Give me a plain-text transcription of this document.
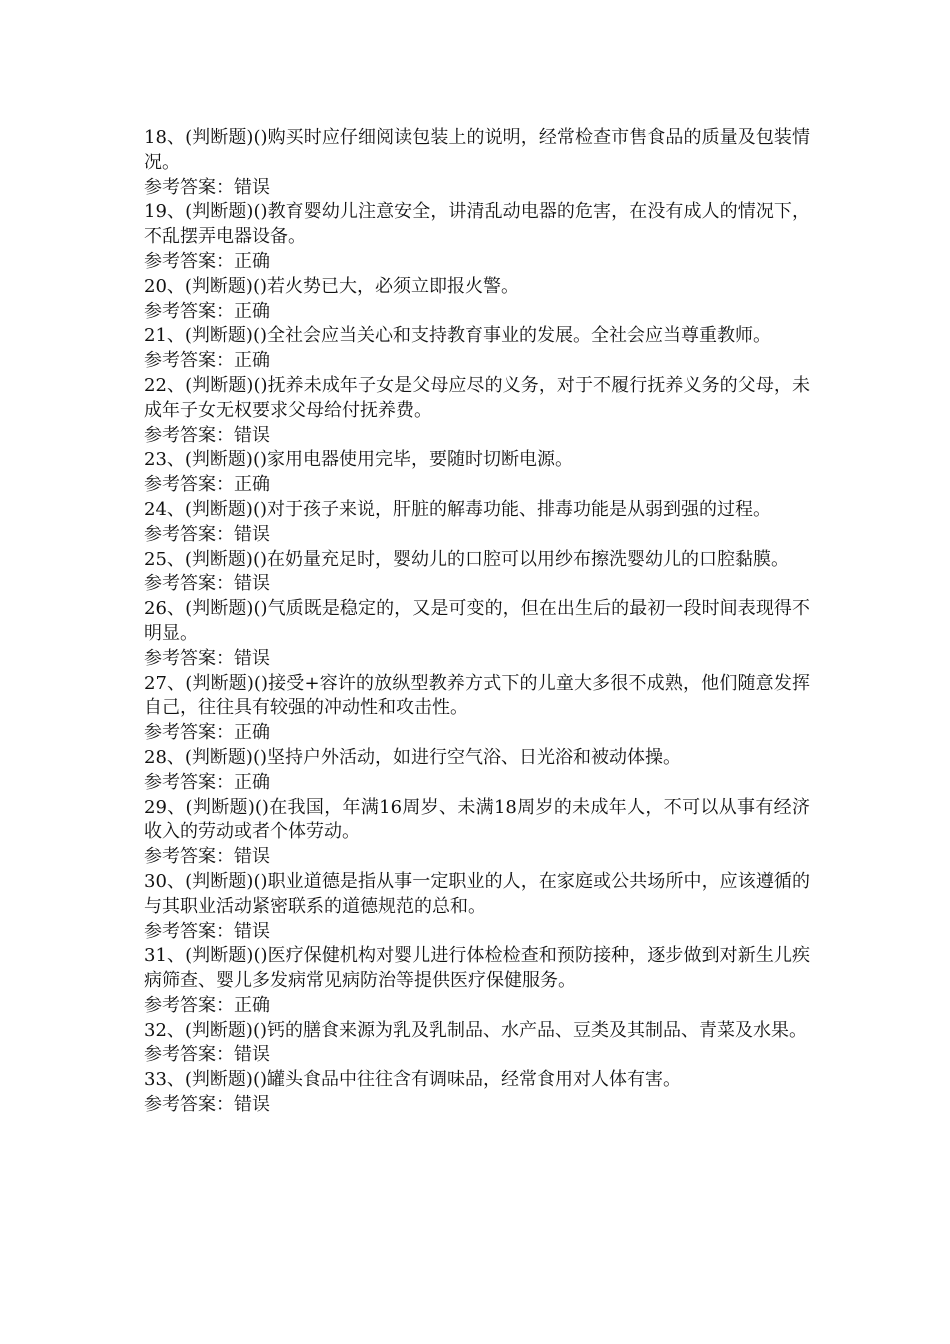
18、(判断题)()购买时应仔细阅读包装上的说明，经常检查市售食品的质量及包装情况。

参考答案：错误

19、(判断题)()教育婴幼儿注意安全，讲清乱动电器的危害，在没有成人的情况下，不乱摆弄电器设备。

参考答案：正确

20、(判断题)()若火势已大，必须立即报火警。

参考答案：正确

21、(判断题)()全社会应当关心和支持教育事业的发展。全社会应当尊重教师。

参考答案：正确

22、(判断题)()抚养未成年子女是父母应尽的义务，对于不履行抚养义务的父母，未成年子女无权要求父母给付抚养费。

参考答案：错误

23、(判断题)()家用电器使用完毕，要随时切断电源。

参考答案：正确

24、(判断题)()对于孩子来说，肝脏的解毒功能、排毒功能是从弱到强的过程。

参考答案：错误

25、(判断题)()在奶量充足时，婴幼儿的口腔可以用纱布擦洗婴幼儿的口腔黏膜。

参考答案：错误

26、(判断题)()气质既是稳定的，又是可变的，但在出生后的最初一段时间表现得不明显。

参考答案：错误

27、(判断题)()接受+容许的放纵型教养方式下的儿童大多很不成熟，他们随意发挥自己，往往具有较强的冲动性和攻击性。

参考答案：正确

28、(判断题)()坚持户外活动，如进行空气浴、日光浴和被动体操。

参考答案：正确

29、(判断题)()在我国，年满16周岁、未满18周岁的未成年人，不可以从事有经济收入的劳动或者个体劳动。

参考答案：错误

30、(判断题)()职业道德是指从事一定职业的人，在家庭或公共场所中，应该遵循的与其职业活动紧密联系的道德规范的总和。

参考答案：错误

31、(判断题)()医疗保健机构对婴儿进行体检检查和预防接种，逐步做到对新生儿疾病筛查、婴儿多发病常见病防治等提供医疗保健服务。

参考答案：正确

32、(判断题)()钙的膳食来源为乳及乳制品、水产品、豆类及其制品、青菜及水果。

参考答案：错误

33、(判断题)()罐头食品中往往含有调味品，经常食用对人体有害。

参考答案：错误
